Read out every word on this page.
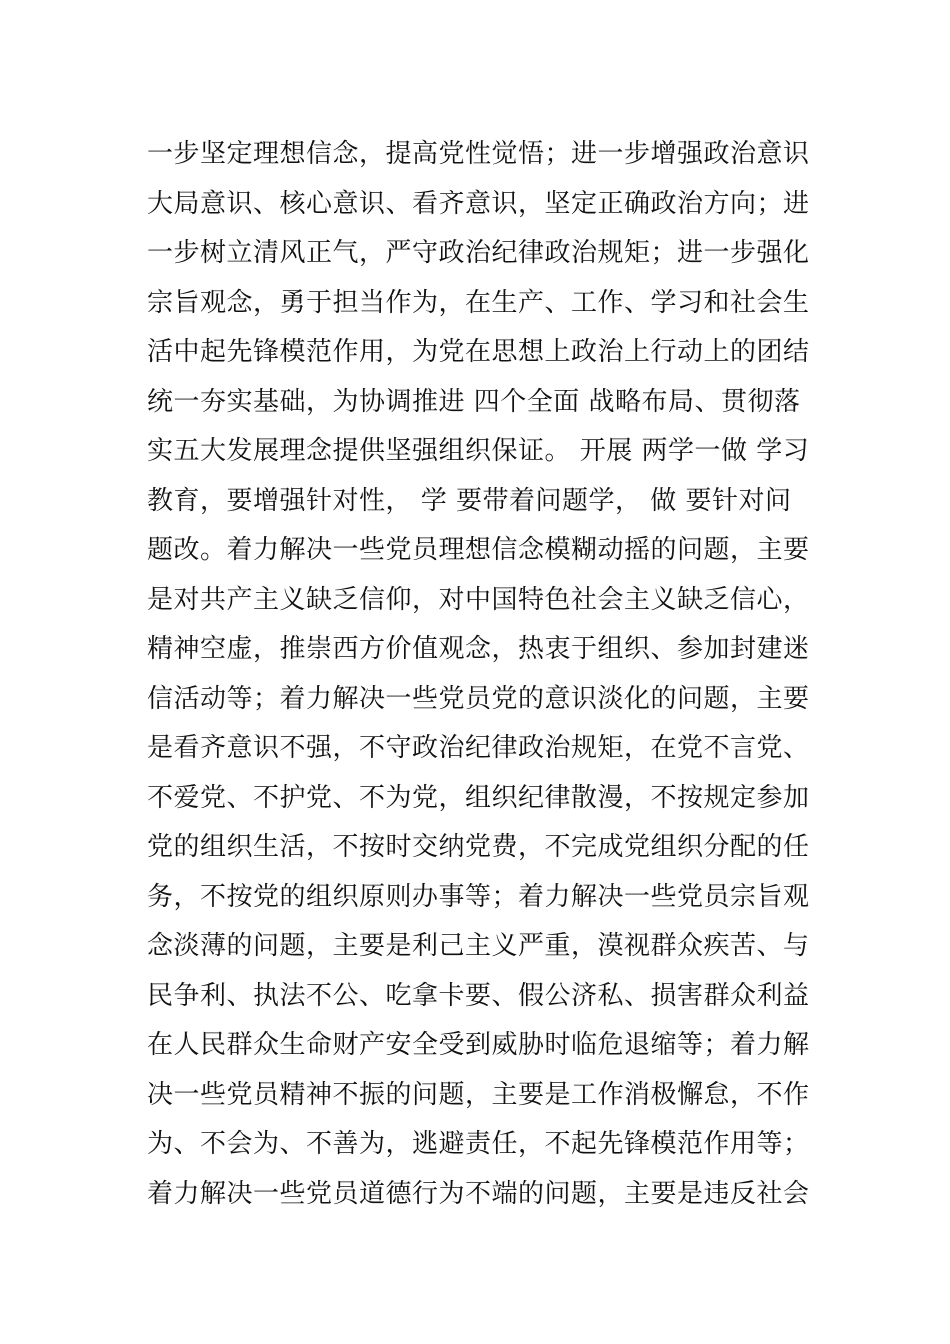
一步坚定理想信念，提高党性觉悟；进一步增强政治意识
大局意识、核心意识、看齐意识，坚定正确政治方向；进
一步树立清风正气，严守政治纪律政治规矩；进一步强化
宗旨观念，勇于担当作为，在生产、工作、学习和社会生
活中起先锋模范作用，为党在思想上政治上行动上的团结
统一夯实基础，为协调推进 四个全面 战略布局、贯彻落
实五大发展理念提供坚强组织保证。 开展 两学一做 学习
教育，要增强针对性， 学 要带着问题学， 做 要针对问
题改。着力解决一些党员理想信念模糊动摇的问题，主要
是对共产主义缺乏信仰，对中国特色社会主义缺乏信心，
精神空虚，推崇西方价值观念，热衷于组织、参加封建迷
信活动等；着力解决一些党员党的意识淡化的问题，主要
是看齐意识不强，不守政治纪律政治规矩，在党不言党、
不爱党、不护党、不为党，组织纪律散漫，不按规定参加
党的组织生活，不按时交纳党费，不完成党组织分配的任
务，不按党的组织原则办事等；着力解决一些党员宗旨观
念淡薄的问题，主要是利己主义严重，漠视群众疾苦、与
民争利、执法不公、吃拿卡要、假公济私、损害群众利益
在人民群众生命财产安全受到威胁时临危退缩等；着力解
决一些党员精神不振的问题，主要是工作消极懈怠，不作
为、不会为、不善为，逃避责任，不起先锋模范作用等；
着力解决一些党员道德行为不端的问题，主要是违反社会
